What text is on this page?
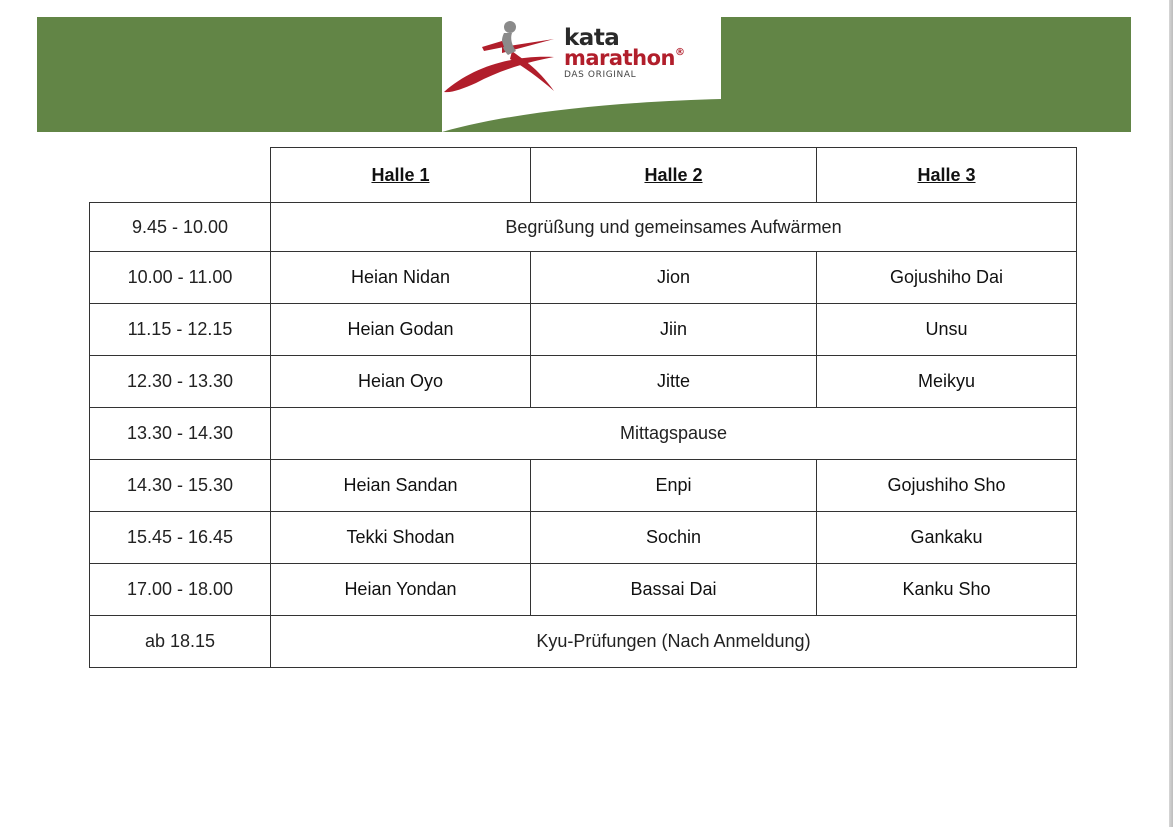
kata
marathon®
DAS ORIGINAL
	Halle 1	Halle 2	Halle 3
9.45 - 10.00	Begrüßung und gemeinsames Aufwärmen		
10.00 - 11.00	Heian Nidan	Jion	Gojushiho Dai
11.15 - 12.15	Heian Godan	Jiin	Unsu
12.30 - 13.30	Heian Oyo	Jitte	Meikyu
13.30 - 14.30	Mittagspause		
14.30 - 15.30	Heian Sandan	Enpi	Gojushiho Sho
15.45 - 16.45	Tekki Shodan	Sochin	Gankaku
17.00 - 18.00	Heian Yondan	Bassai Dai	Kanku Sho
ab 18.15	Kyu-Prüfungen (Nach Anmeldung)		
